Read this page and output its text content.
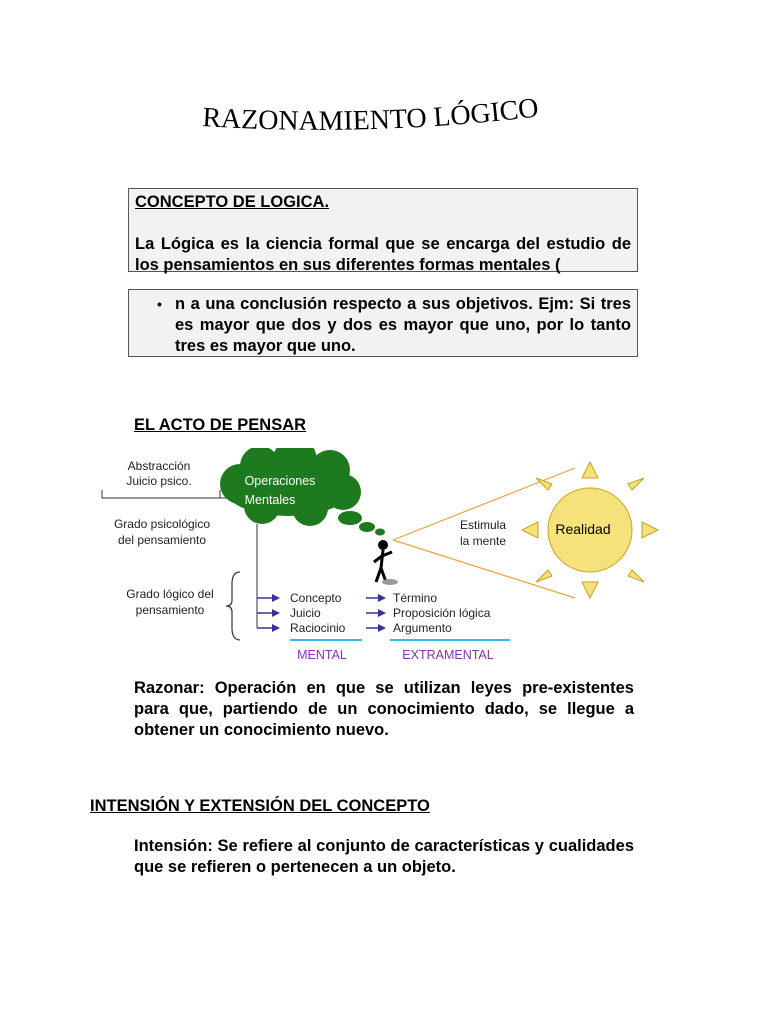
RAZONAMIENTO LÓGICO
CONCEPTO DE LOGICA.

La Lógica es la ciencia formal que se encarga del estudio de los pensamientos en sus diferentes formas mentales (

• n a una conclusión respecto a sus objetivos. Ejm: Si tres es mayor que dos y dos es mayor que uno, por lo tanto tres es mayor que uno.

EL ACTO DE PENSAR
Abstracción
Juicio psico.
Grado psicológico
del pensamiento
Grado lógico del
pensamiento
Operaciones
Mentales
Concepto
Juicio
Raciocinio
Término
Proposición lógica
Argumento
MENTAL	EXTRAMENTAL
Estimula
la mente
Realidad

Razonar: Operación en que se utilizan leyes pre-existentes para que, partiendo de un conocimiento dado, se llegue a obtener un conocimiento nuevo.

INTENSIÓN Y EXTENSIÓN DEL CONCEPTO

Intensión: Se refiere al conjunto de características y cualidades que se refieren o pertenecen a un objeto.
